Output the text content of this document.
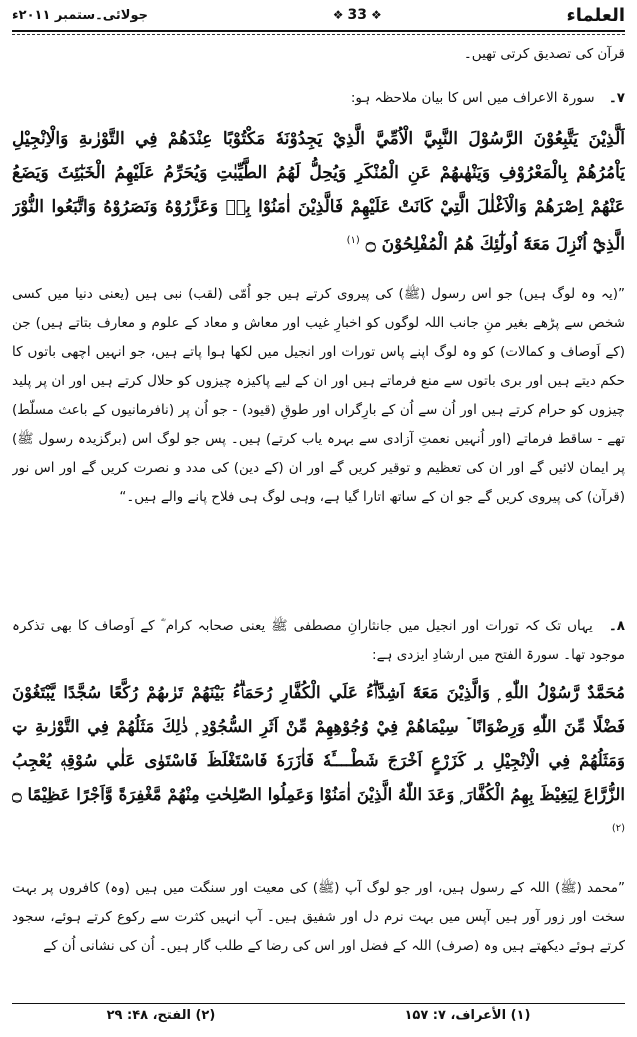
العلماء
❖ 33 ❖
جولائی۔ستمبر ۲۰۱۱ء
قرآن کی تصدیق کرتی تھیں۔
۷۔ سورۃ الاعراف میں اس کا بیان ملاحظہ ہو:
اَلَّذِيْنَ يَتَّبِعُوْنَ الرَّسُوْلَ النَّبِيَّ الْاُمِّيَّ الَّذِيْ يَجِدُوْنَهٗ مَكْتُوْبًا عِنْدَهُمْ فِي التَّوْرٰىةِ وَالْاِنْجِيْلِ يَاْمُرُهُمْ بِالْمَعْرُوْفِ وَيَنْهٰىهُمْ عَنِ الْمُنْكَرِ وَيُحِلُّ لَهُمُ الطَّيِّبٰتِ وَيُحَرِّمُ عَلَيْهِمُ الْخَبٰٓئِثَ وَيَضَعُ عَنْهُمْ اِصْرَهُمْ وَالْاَغْلٰلَ الَّتِيْ كَانَتْ عَلَيْهِمْ فَالَّذِيْنَ اٰمَنُوْا بِهٖ وَعَزَّرُوْهُ وَنَصَرُوْهُ وَاتَّبَعُوا النُّوْرَ الَّذِيْٓ اُنْزِلَ مَعَهٗٓ اُولٰٓئِكَ هُمُ الْمُفْلِحُوْنَ ۝ $^{(۱)}$
”(یہ وہ لوگ ہیں) جو اس رسول (ﷺ) کی پیروی کرتے ہیں جو اُمّی (لقب) نبی ہیں (یعنی دنیا میں کسی شخص سے پڑھے بغیر منِ جانب اللہ لوگوں کو اخبارِ غیب اور معاش و معاد کے علوم و معارف بتاتے ہیں) جن (کے اَوصاف و کمالات) کو وہ لوگ اپنے پاس تورات اور انجیل میں لکھا ہوا پاتے ہیں، جو انہیں اچھی باتوں کا حکم دیتے ہیں اور بری باتوں سے منع فرماتے ہیں اور ان کے لیے پاکیزہ چیزوں کو حلال کرتے ہیں اور ان پر پلید چیزوں کو حرام کرتے ہیں اور اُن سے اُن کے بارِگراں اور طوقِ (قیود) - جو اُن پر (نافرمانیوں کے باعث مسلّط) تھے - ساقط فرماتے (اور اُنہیں نعمتِ آزادی سے بہرہ یاب کرتے) ہیں۔ پس جو لوگ اس (برگزیدہ رسول ﷺ) پر ایمان لائیں گے اور ان کی تعظیم و توقیر کریں گے اور ان (کے دین) کی مدد و نصرت کریں گے اور اس نور (قرآن) کی پیروی کریں گے جو ان کے ساتھ اتارا گیا ہے، وہی لوگ ہی فلاح پانے والے ہیں۔“
۸۔ یہاں تک کہ تورات اور انجیل میں جانثارانِ مصطفی ﷺ یعنی صحابہ کرام ؓ کے اَوصاف کا بھی تذکرہ موجود تھا۔ سورۃ الفتح میں ارشادِ ایزدی ہے:
مُحَمَّدٌ رَّسُوْلُ اللّٰهِ ۭ وَالَّذِيْنَ مَعَهٗٓ اَشِدَّاۗءُ عَلَي الْكُفَّارِ رُحَمَاۗءُ بَيْنَهُمْ تَرٰىهُمْ رُكَّعًا سُجَّدًا يَّبْتَغُوْنَ فَضْلًا مِّنَ اللّٰهِ وَرِضْوَانًا ۡ سِيْمَاهُمْ فِيْ وُجُوْهِهِمْ مِّنْ اَثَرِ السُّجُوْدِ ۭ ذٰلِكَ مَثَلُهُمْ فِي التَّوْرٰىةِ ټ وَمَثَلُهُمْ فِي الْاِنْجِيْلِ ڔ كَزَرْعٍ اَخْرَجَ شَطْــــَٔهٗ فَاٰزَرَهٗ فَاسْتَغْلَظَ فَاسْتَوٰى عَلٰي سُوْقِهٖ يُعْجِبُ الزُّرَّاعَ لِيَغِيْظَ بِهِمُ الْكُفَّارَ ۭ وَعَدَ اللّٰهُ الَّذِيْنَ اٰمَنُوْا وَعَمِلُوا الصّٰلِحٰتِ مِنْهُمْ مَّغْفِرَةً وَّاَجْرًا عَظِيْمًا ۝ $^{(۲)}$
”محمد (ﷺ) اللہ کے رسول ہیں، اور جو لوگ آپ (ﷺ) کی معیت اور سنگت میں ہیں (وہ) کافروں پر بہت سخت اور زور آور ہیں آپس میں بہت نرم دل اور شفیق ہیں۔ آپ انہیں کثرت سے رکوع کرتے ہوئے، سجود کرتے ہوئے دیکھتے ہیں وہ (صرف) اللہ کے فضل اور اس کی رضا کے طلب گار ہیں۔ اُن کی نشانی اُن کے
(۱) الأعراف، ۷: ۱۵۷
(۲) الفتح، ۴۸: ۲۹
